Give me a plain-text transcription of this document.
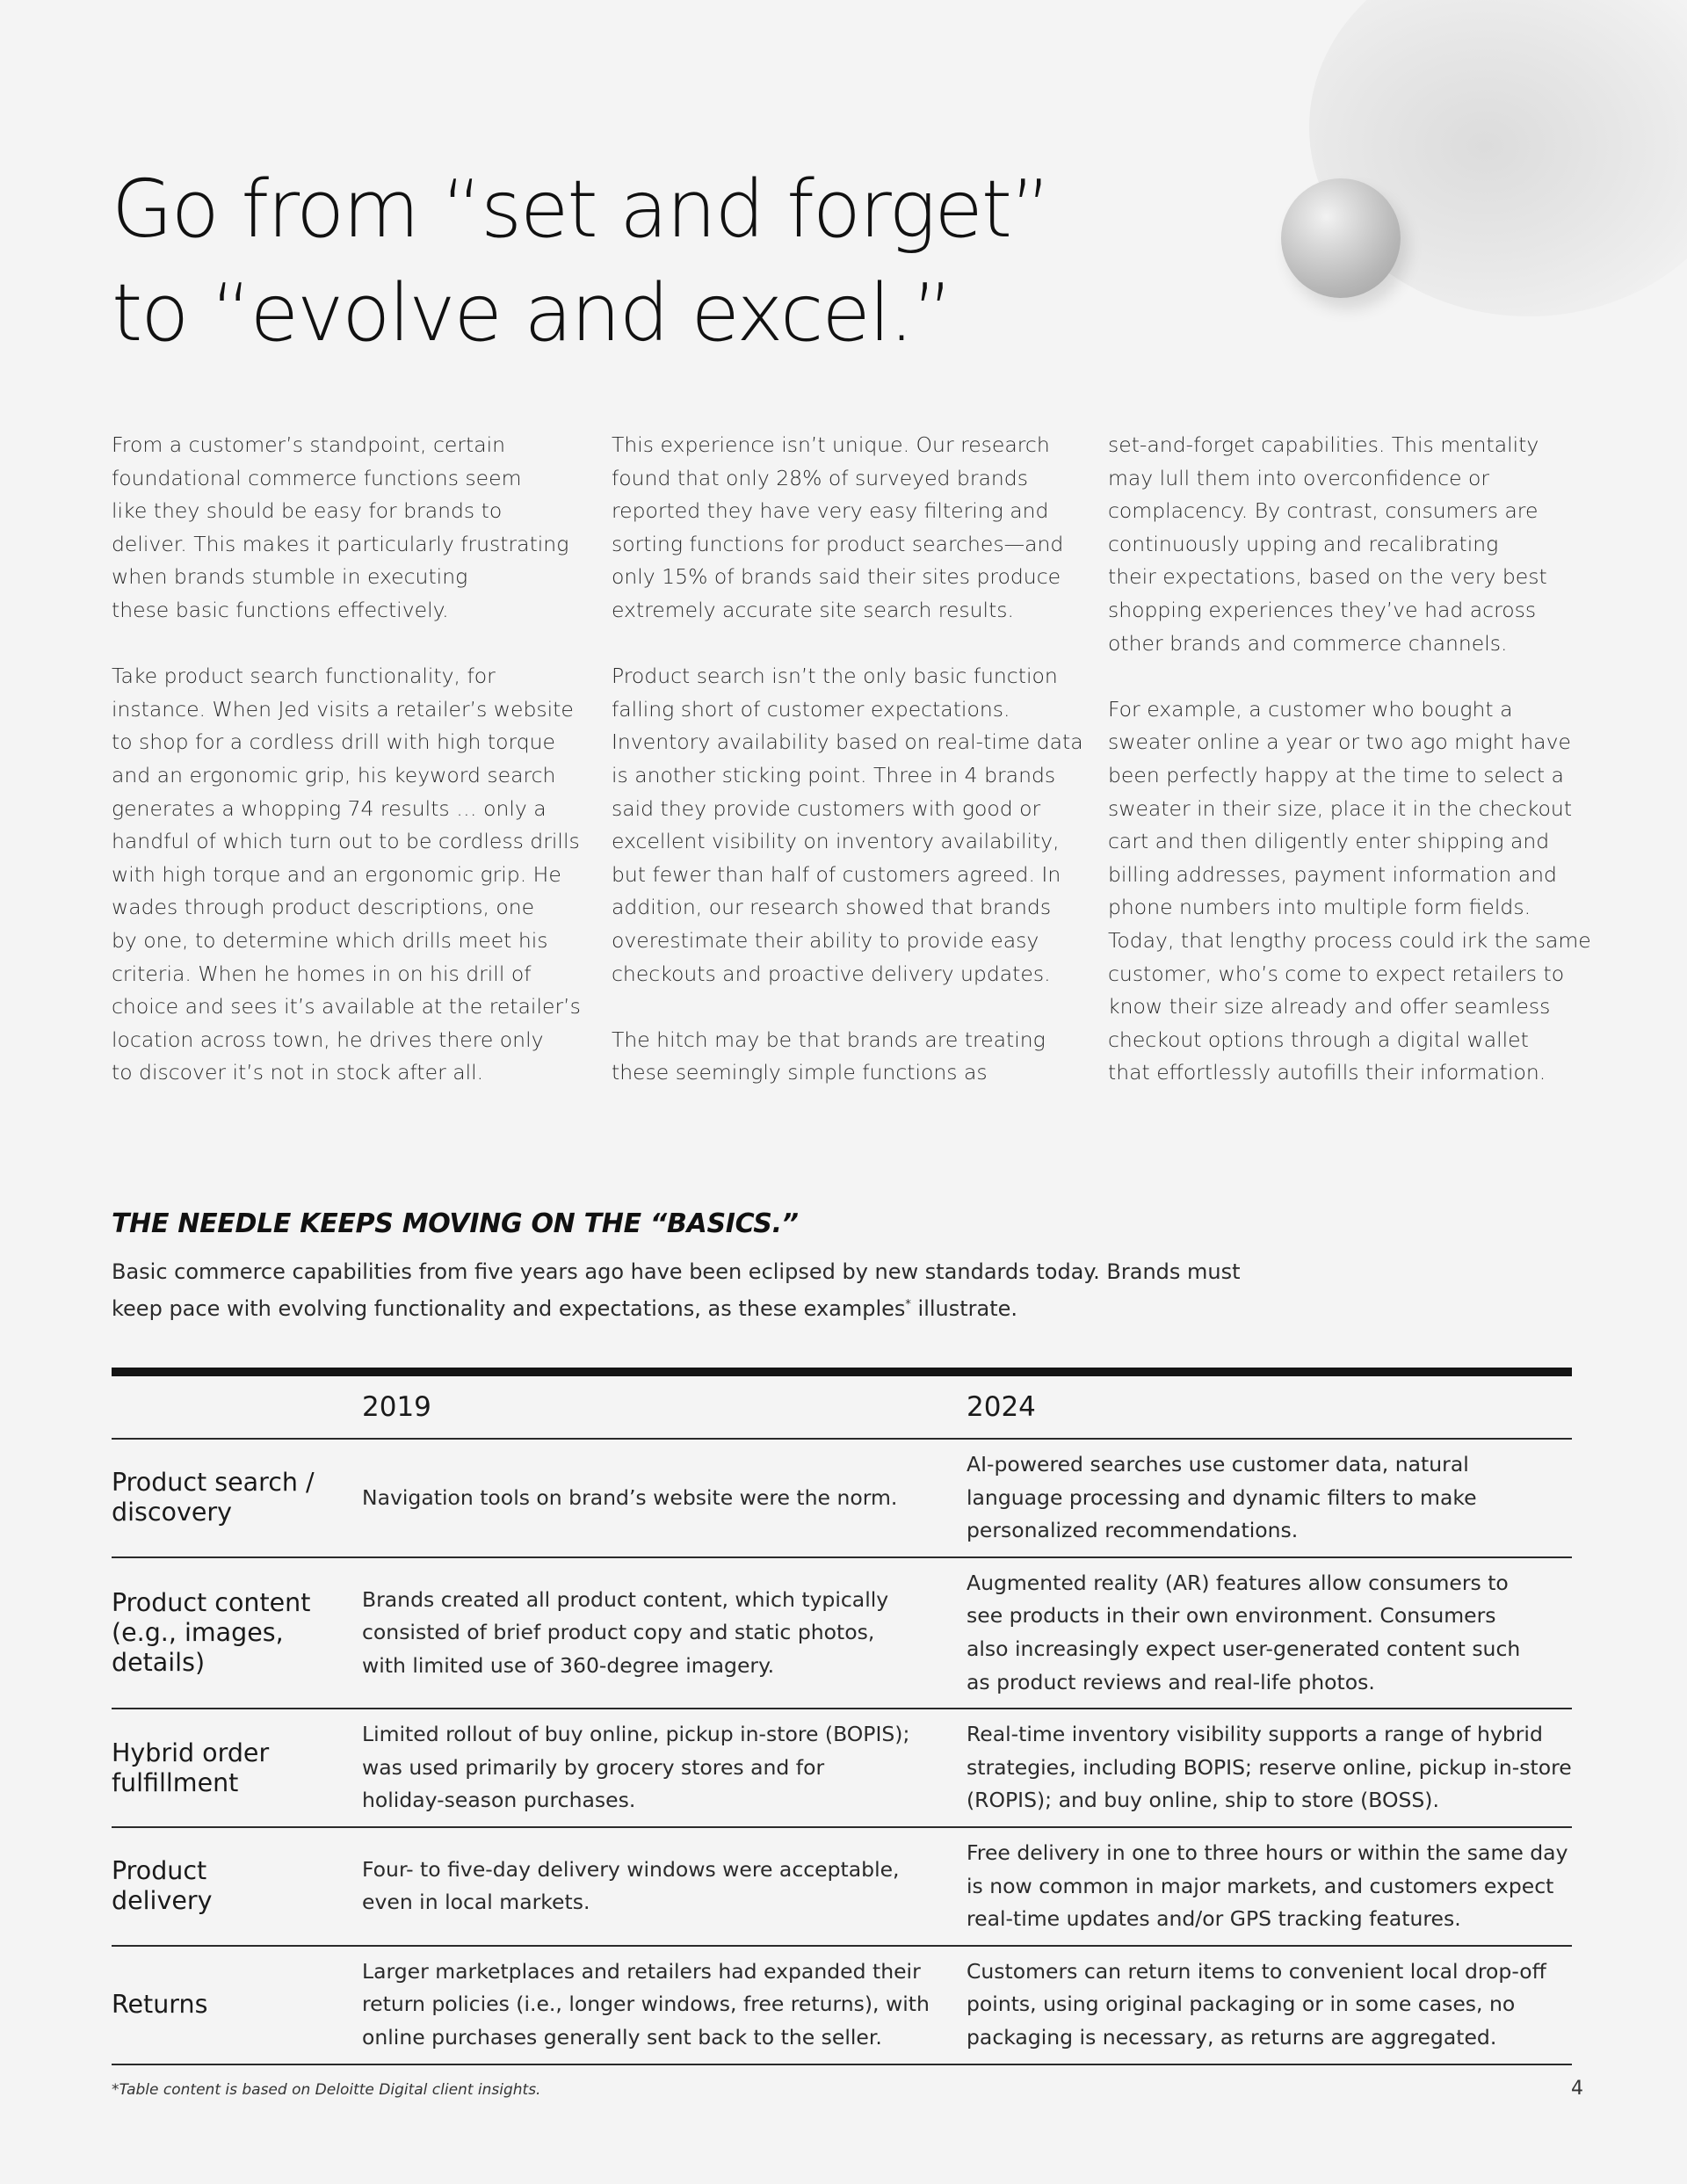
Go from “set and forget”
to “evolve and excel.”

From a customer’s standpoint, certain
foundational commerce functions seem
like they should be easy for brands to
deliver. This makes it particularly frustrating
when brands stumble in executing
these basic functions effectively.

Take product search functionality, for
instance. When Jed visits a retailer’s website
to shop for a cordless drill with high torque
and an ergonomic grip, his keyword search
generates a whopping 74 results … only a
handful of which turn out to be cordless drills
with high torque and an ergonomic grip. He
wades through product descriptions, one
by one, to determine which drills meet his
criteria. When he homes in on his drill of
choice and sees it’s available at the retailer’s
location across town, he drives there only
to discover it’s not in stock after all.

This experience isn’t unique. Our research
found that only 28% of surveyed brands
reported they have very easy filtering and
sorting functions for product searches—and
only 15% of brands said their sites produce
extremely accurate site search results.

Product search isn’t the only basic function
falling short of customer expectations.
Inventory availability based on real-time data
is another sticking point. Three in 4 brands
said they provide customers with good or
excellent visibility on inventory availability,
but fewer than half of customers agreed. In
addition, our research showed that brands
overestimate their ability to provide easy
checkouts and proactive delivery updates.

The hitch may be that brands are treating
these seemingly simple functions as

set-and-forget capabilities. This mentality
may lull them into overconfidence or
complacency. By contrast, consumers are
continuously upping and recalibrating
their expectations, based on the very best
shopping experiences they’ve had across
other brands and commerce channels.

For example, a customer who bought a
sweater online a year or two ago might have
been perfectly happy at the time to select a
sweater in their size, place it in the checkout
cart and then diligently enter shipping and
billing addresses, payment information and
phone numbers into multiple form fields.
Today, that lengthy process could irk the same
customer, who’s come to expect retailers to
know their size already and offer seamless
checkout options through a digital wallet
that effortlessly autofills their information.

THE NEEDLE KEEPS MOVING ON THE “BASICS.”

Basic commerce capabilities from five years ago have been eclipsed by new standards today. Brands must
keep pace with evolving functionality and expectations, as these examples* illustrate.

	2019	2024

Product search /
discovery	Navigation tools on brand’s website were the norm.	AI-powered searches use customer data, natural
language processing and dynamic filters to make
personalized recommendations.

Product content
(e.g., images,
details)	Brands created all product content, which typically
consisted of brief product copy and static photos,
with limited use of 360-degree imagery.	Augmented reality (AR) features allow consumers to
see products in their own environment. Consumers
also increasingly expect user-generated content such
as product reviews and real-life photos.

Hybrid order
fulfillment	Limited rollout of buy online, pickup in-store (BOPIS);
was used primarily by grocery stores and for
holiday-season purchases.	Real-time inventory visibility supports a range of hybrid
strategies, including BOPIS; reserve online, pickup in-store
(ROPIS); and buy online, ship to store (BOSS).

Product
delivery	Four- to five-day delivery windows were acceptable,
even in local markets.	Free delivery in one to three hours or within the same day
is now common in major markets, and customers expect
real-time updates and/or GPS tracking features.

Returns	Larger marketplaces and retailers had expanded their
return policies (i.e., longer windows, free returns), with
online purchases generally sent back to the seller.	Customers can return items to convenient local drop-off
points, using original packaging or in some cases, no
packaging is necessary, as returns are aggregated.
*Table content is based on Deloitte Digital client insights.	4
